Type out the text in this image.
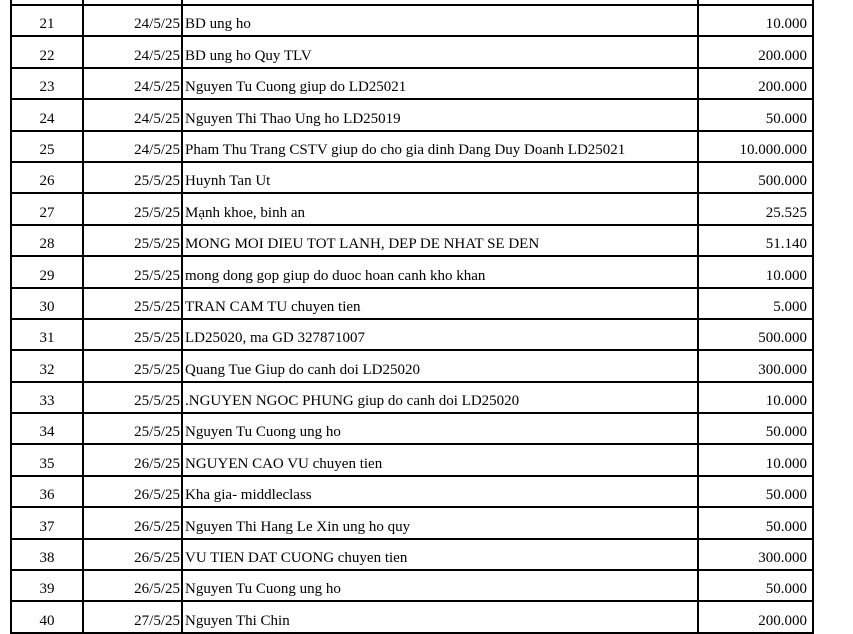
21	24/5/25	BD ung ho	10.000
22	24/5/25	BD ung ho Quy TLV	200.000
23	24/5/25	Nguyen Tu Cuong giup do LD25021	200.000
24	24/5/25	Nguyen Thi Thao Ung ho LD25019	50.000
25	24/5/25	Pham Thu Trang CSTV giup do cho gia dinh Dang Duy Doanh LD25021	10.000.000
26	25/5/25	Huynh Tan Ut	500.000
27	25/5/25	Mạnh khoe, binh an	25.525
28	25/5/25	MONG MOI DIEU TOT LANH, DEP DE NHAT SE DEN	51.140
29	25/5/25	mong dong gop giup do duoc hoan canh kho khan	10.000
30	25/5/25	TRAN CAM TU chuyen tien	5.000
31	25/5/25	LD25020, ma GD 327871007	500.000
32	25/5/25	Quang Tue Giup do canh doi LD25020	300.000
33	25/5/25	.NGUYEN NGOC PHUNG giup do canh doi LD25020	10.000
34	25/5/25	Nguyen Tu Cuong ung ho	50.000
35	26/5/25	NGUYEN CAO VU chuyen tien	10.000
36	26/5/25	Kha gia- middleclass	50.000
37	26/5/25	Nguyen Thi Hang Le Xin ung ho quy	50.000
38	26/5/25	VU TIEN DAT CUONG chuyen tien	300.000
39	26/5/25	Nguyen Tu Cuong ung ho	50.000
40	27/5/25	Nguyen Thi Chin	200.000
